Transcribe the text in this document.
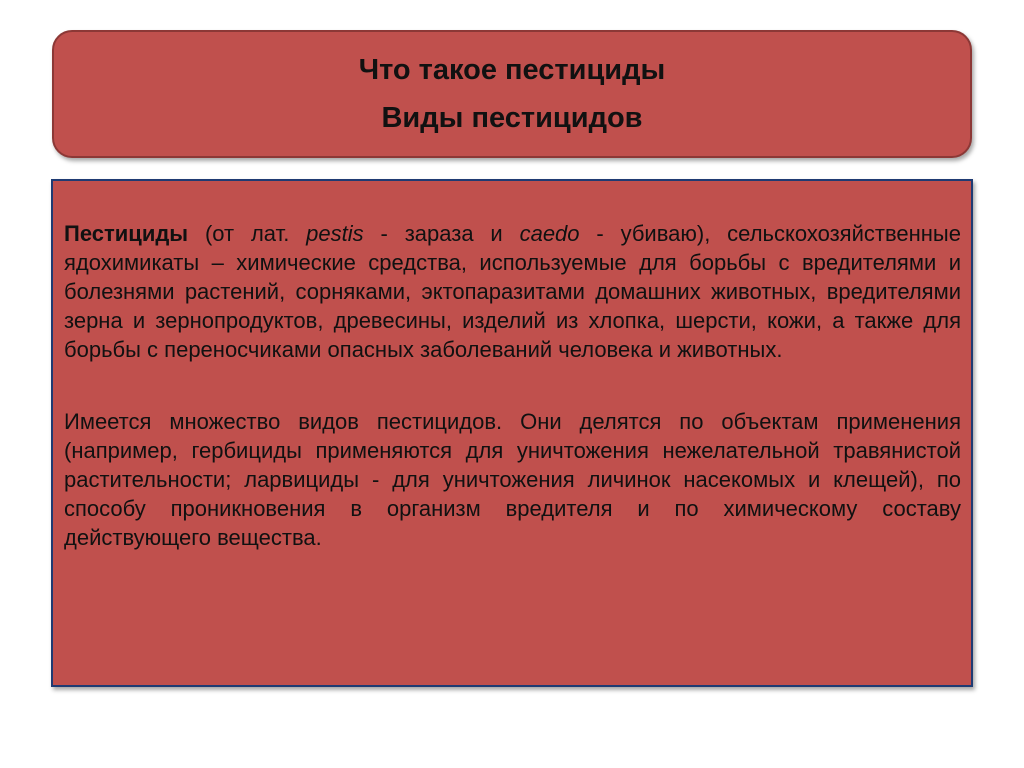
Что такое пестициды
Виды пестицидов

Пестициды (от лат. pestis - зараза и caedo - убиваю), сельскохозяйственные ядохимикаты – химические средства, используемые для борьбы с вредителями и болезнями растений, сорняками, эктопаразитами домашних животных, вредителями зерна и зернопродуктов, древесины, изделий из хлопка, шерсти, кожи, а также для борьбы с переносчиками опасных заболеваний человека и животных.

Имеется множество видов пестицидов. Они делятся по объектам применения (например, гербициды применяются для уничтожения нежелательной травянистой растительности; ларвициды - для уничтожения личинок насекомых и клещей), по способу проникновения в организм вредителя и по химическому составу действующего вещества.
